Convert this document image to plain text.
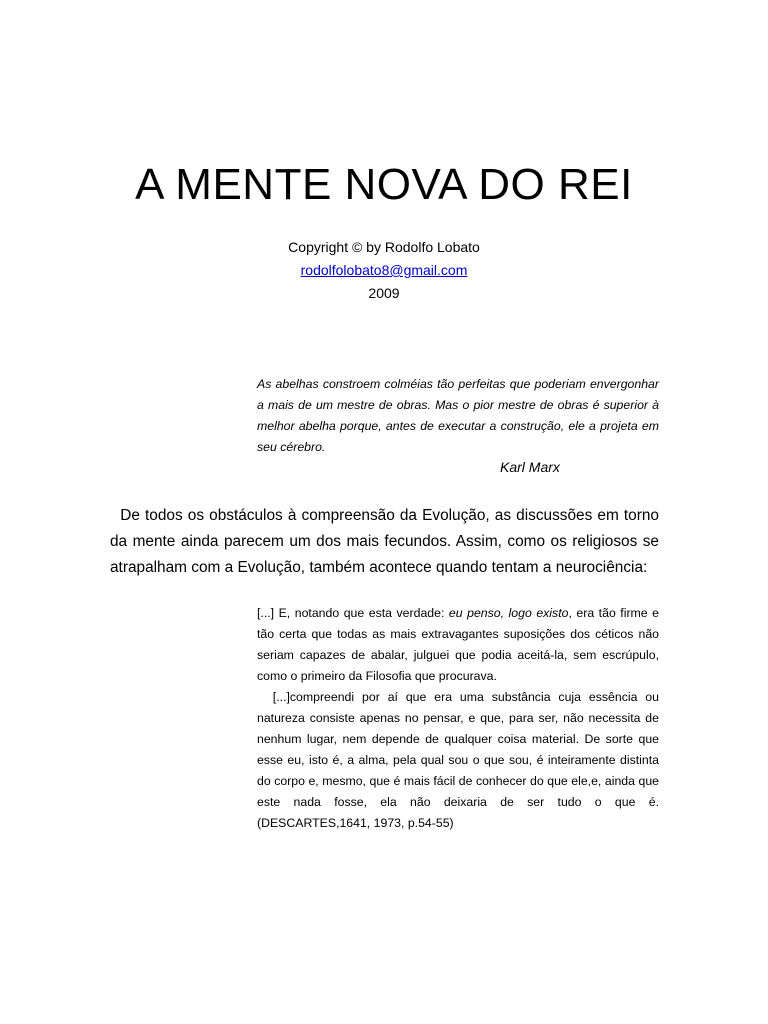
A MENTE NOVA DO REI
Copyright © by Rodolfo Lobato
rodolfolobato8@gmail.com
2009

As abelhas constroem colméias tão perfeitas que poderiam envergonhar a mais de um mestre de obras. Mas o pior mestre de obras é superior à melhor abelha porque, antes de executar a construção, ele a projeta em seu cérebro.

Karl Marx

De todos os obstáculos à compreensão da Evolução, as discussões em torno da mente ainda parecem um dos mais fecundos. Assim, como os religiosos se atrapalham com a Evolução, também acontece quando tentam a neurociência:

[...] E, notando que esta verdade: eu penso, logo existo, era tão firme e tão certa que todas as mais extravagantes suposições dos céticos não seriam capazes de abalar, julguei que podia aceitá-la, sem escrúpulo, como o primeiro da Filosofia que procurava.

[...]compreendi por aí que era uma substância cuja essência ou natureza consiste apenas no pensar, e que, para ser, não necessita de nenhum lugar, nem depende de qualquer coisa material. De sorte que esse eu, isto é, a alma, pela qual sou o que sou, é inteiramente distinta do corpo e, mesmo, que é mais fácil de conhecer do que ele,e, ainda que este nada fosse, ela não deixaria de ser tudo o que é.(DESCARTES,1641, 1973, p.54-55)
